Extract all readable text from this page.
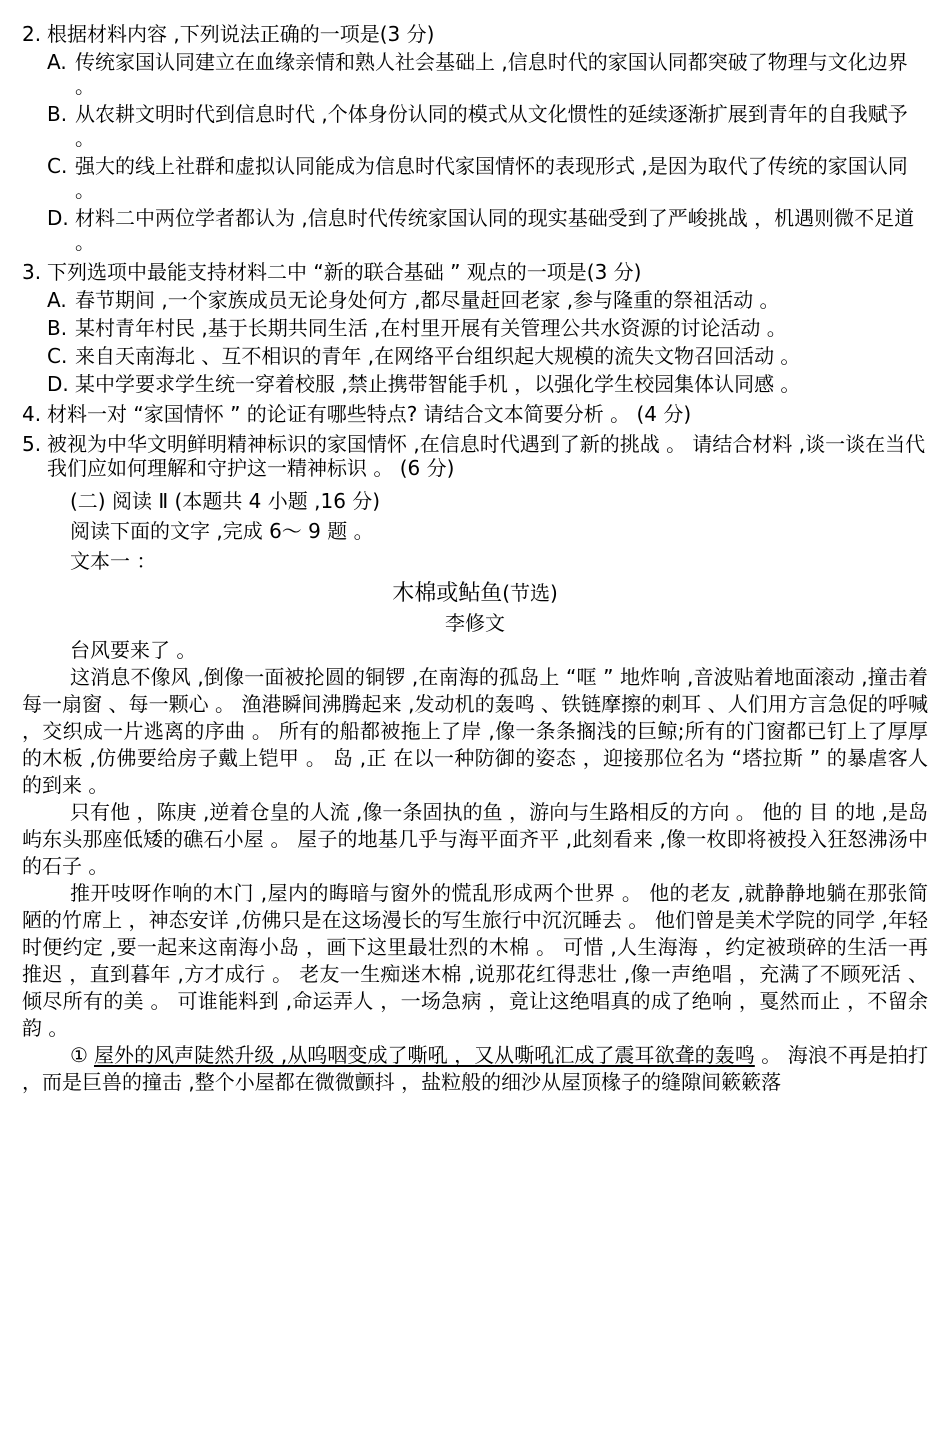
2. 根据材料内容 ,下列说法正确的一项是(3 分)
A. 传统家国认同建立在血缘亲情和熟人社会基础上 ,信息时代的家国认同都突破了物理与文化边界 。
B. 从农耕文明时代到信息时代 ,个体身份认同的模式从文化惯性的延续逐渐扩展到青年的自我赋予 。
C. 强大的线上社群和虚拟认同能成为信息时代家国情怀的表现形式 ,是因为取代了传统的家国认同 。
D. 材料二中两位学者都认为 ,信息时代传统家国认同的现实基础受到了严峻挑战 ，机遇则微不足道 。
3. 下列选项中最能支持材料二中 “新的联合基础 ” 观点的一项是(3 分)
A. 春节期间 ,一个家族成员无论身处何方 ,都尽量赶回老家 ,参与隆重的祭祖活动 。
B. 某村青年村民 ,基于长期共同生活 ,在村里开展有关管理公共水资源的讨论活动 。
C. 来自天南海北 、互不相识的青年 ,在网络平台组织起大规模的流失文物召回活动 。
D. 某中学要求学生统一穿着校服 ,禁止携带智能手机 ，以强化学生校园集体认同感 。
4. 材料一对 “家国情怀 ” 的论证有哪些特点? 请结合文本简要分析 。 (4 分)
5. 被视为中华文明鲜明精神标识的家国情怀 ,在信息时代遇到了新的挑战 。 请结合材料 ,谈一谈在当代我们应如何理解和守护这一精神标识 。 (6 分)
(二) 阅读 Ⅱ (本题共 4 小题 ,16 分)
阅读下面的文字 ,完成 6～ 9 题 。
文本一 ：
木棉或鲇鱼(节选)
李修文

台风要来了 。

这消息不像风 ,倒像一面被抡圆的铜锣 ,在南海的孤岛上 “哐 ” 地炸响 ,音波贴着地面滚动 ,撞击着每一扇窗 、每一颗心 。 渔港瞬间沸腾起来 ,发动机的轰鸣 、铁链摩擦的刺耳 、人们用方言急促的呼喊 ，交织成一片逃离的序曲 。 所有的船都被拖上了岸 ,像一条条搁浅的巨鲸;所有的门窗都已钉上了厚厚的木板 ,仿佛要给房子戴上铠甲 。 岛 ,正 在以一种防御的姿态 ，迎接那位名为 “塔拉斯 ” 的暴虐客人的到来 。

只有他 ，陈庚 ,逆着仓皇的人流 ,像一条固执的鱼 ，游向与生路相反的方向 。 他的 目 的地 ,是岛屿东头那座低矮的礁石小屋 。 屋子的地基几乎与海平面齐平 ,此刻看来 ,像一枚即将被投入狂怒沸汤中的石子 。

推开吱呀作响的木门 ,屋内的晦暗与窗外的慌乱形成两个世界 。 他的老友 ,就静静地躺在那张简陋的竹席上 ，神态安详 ,仿佛只是在这场漫长的写生旅行中沉沉睡去 。 他们曾是美术学院的同学 ,年轻时便约定 ,要一起来这南海小岛 ，画下这里最壮烈的木棉 。 可惜 ,人生海海 ，约定被琐碎的生活一再推迟 ，直到暮年 ,方才成行 。 老友一生痴迷木棉 ,说那花红得悲壮 ,像一声绝唱 ，充满了不顾死活 、倾尽所有的美 。 可谁能料到 ,命运弄人 ，一场急病 ，竟让这绝唱真的成了绝响 ，戛然而止 ，不留余韵 。

① 屋外的风声陡然升级 ,从呜咽变成了嘶吼 ，又从嘶吼汇成了震耳欲聋的轰鸣 。 海浪不再是拍打 ，而是巨兽的撞击 ,整个小屋都在微微颤抖 ，盐粒般的细沙从屋顶椽子的缝隙间簌簌落
